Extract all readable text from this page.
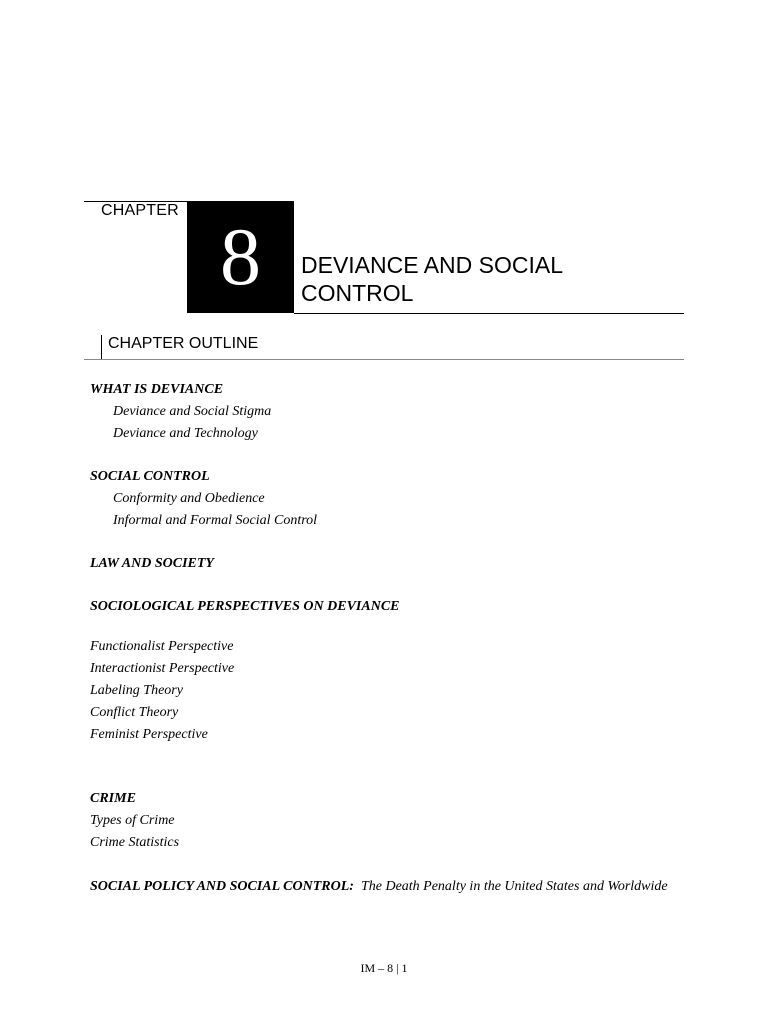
CHAPTER
8 DEVIANCE AND SOCIAL
CONTROL
CHAPTER OUTLINE
WHAT IS DEVIANCE
Deviance and Social Stigma
Deviance and Technology
SOCIAL CONTROL
Conformity and Obedience
Informal and Formal Social Control
LAW AND SOCIETY
SOCIOLOGICAL PERSPECTIVES ON DEVIANCE
Functionalist Perspective
Interactionist Perspective
Labeling Theory
Conflict Theory
Feminist Perspective
CRIME
Types of Crime
Crime Statistics
SOCIAL POLICY AND SOCIAL CONTROL: The Death Penalty in the United States and Worldwide
IM – 8 | 1
